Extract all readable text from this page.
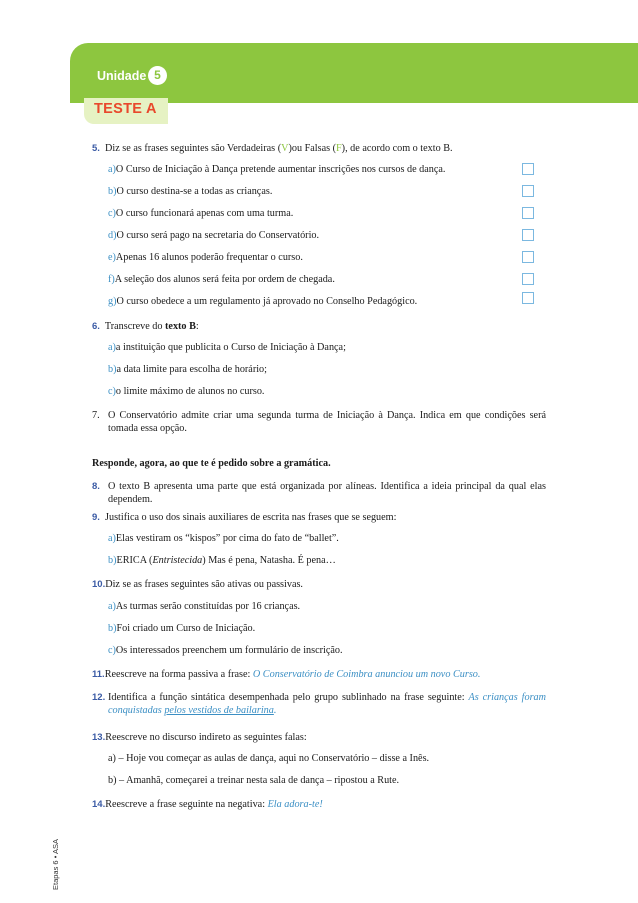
Unidade 5
TESTE A
5. Diz se as frases seguintes são Verdadeiras (V)ou Falsas (F), de acordo com o texto B.
a)O Curso de Iniciação à Dança pretende aumentar inscrições nos cursos de dança.
b)O curso destina-se a todas as crianças.
c)O curso funcionará apenas com uma turma.
d)O curso será pago na secretaria do Conservatório.
e)Apenas 16 alunos poderão frequentar o curso.
f)A seleção dos alunos será feita por ordem de chegada.
g)O curso obedece a um regulamento já aprovado no Conselho Pedagógico.
6. Transcreve do texto B:
a)a instituição que publicita o Curso de Iniciação à Dança;
b)a data limite para escolha de horário;
c)o limite máximo de alunos no curso.
7. O Conservatório admite criar uma segunda turma de Iniciação à Dança. Indica em que condições será tomada essa opção.
Responde, agora, ao que te é pedido sobre a gramática.
8. O texto B apresenta uma parte que está organizada por alíneas. Identifica a ideia principal da qual elas dependem.
9. Justifica o uso dos sinais auxiliares de escrita nas frases que se seguem:
a)Elas vestiram os “kispos” por cima do fato de “ballet”.
b)ERICA (Entristecida) Mas é pena, Natasha. É pena…
10.Diz se as frases seguintes são ativas ou passivas.
a)As turmas serão constituídas por 16 crianças.
b)Foi criado um Curso de Iniciação.
c)Os interessados preenchem um formulário de inscrição.
11.Reescreve na forma passiva a frase: O Conservatório de Coimbra anunciou um novo Curso.
12. Identifica a função sintática desempenhada pelo grupo sublinhado na frase seguinte: As crianças foram conquistadas pelos vestidos de bailarina.
13.Reescreve no discurso indireto as seguintes falas:
a) – Hoje vou começar as aulas de dança, aqui no Conservatório – disse a Inês.
b) – Amanhã, começarei a treinar nesta sala de dança – ripostou a Rute.
14.Reescreve a frase seguinte na negativa: Ela adora-te!
Etapas 6 • ASA
